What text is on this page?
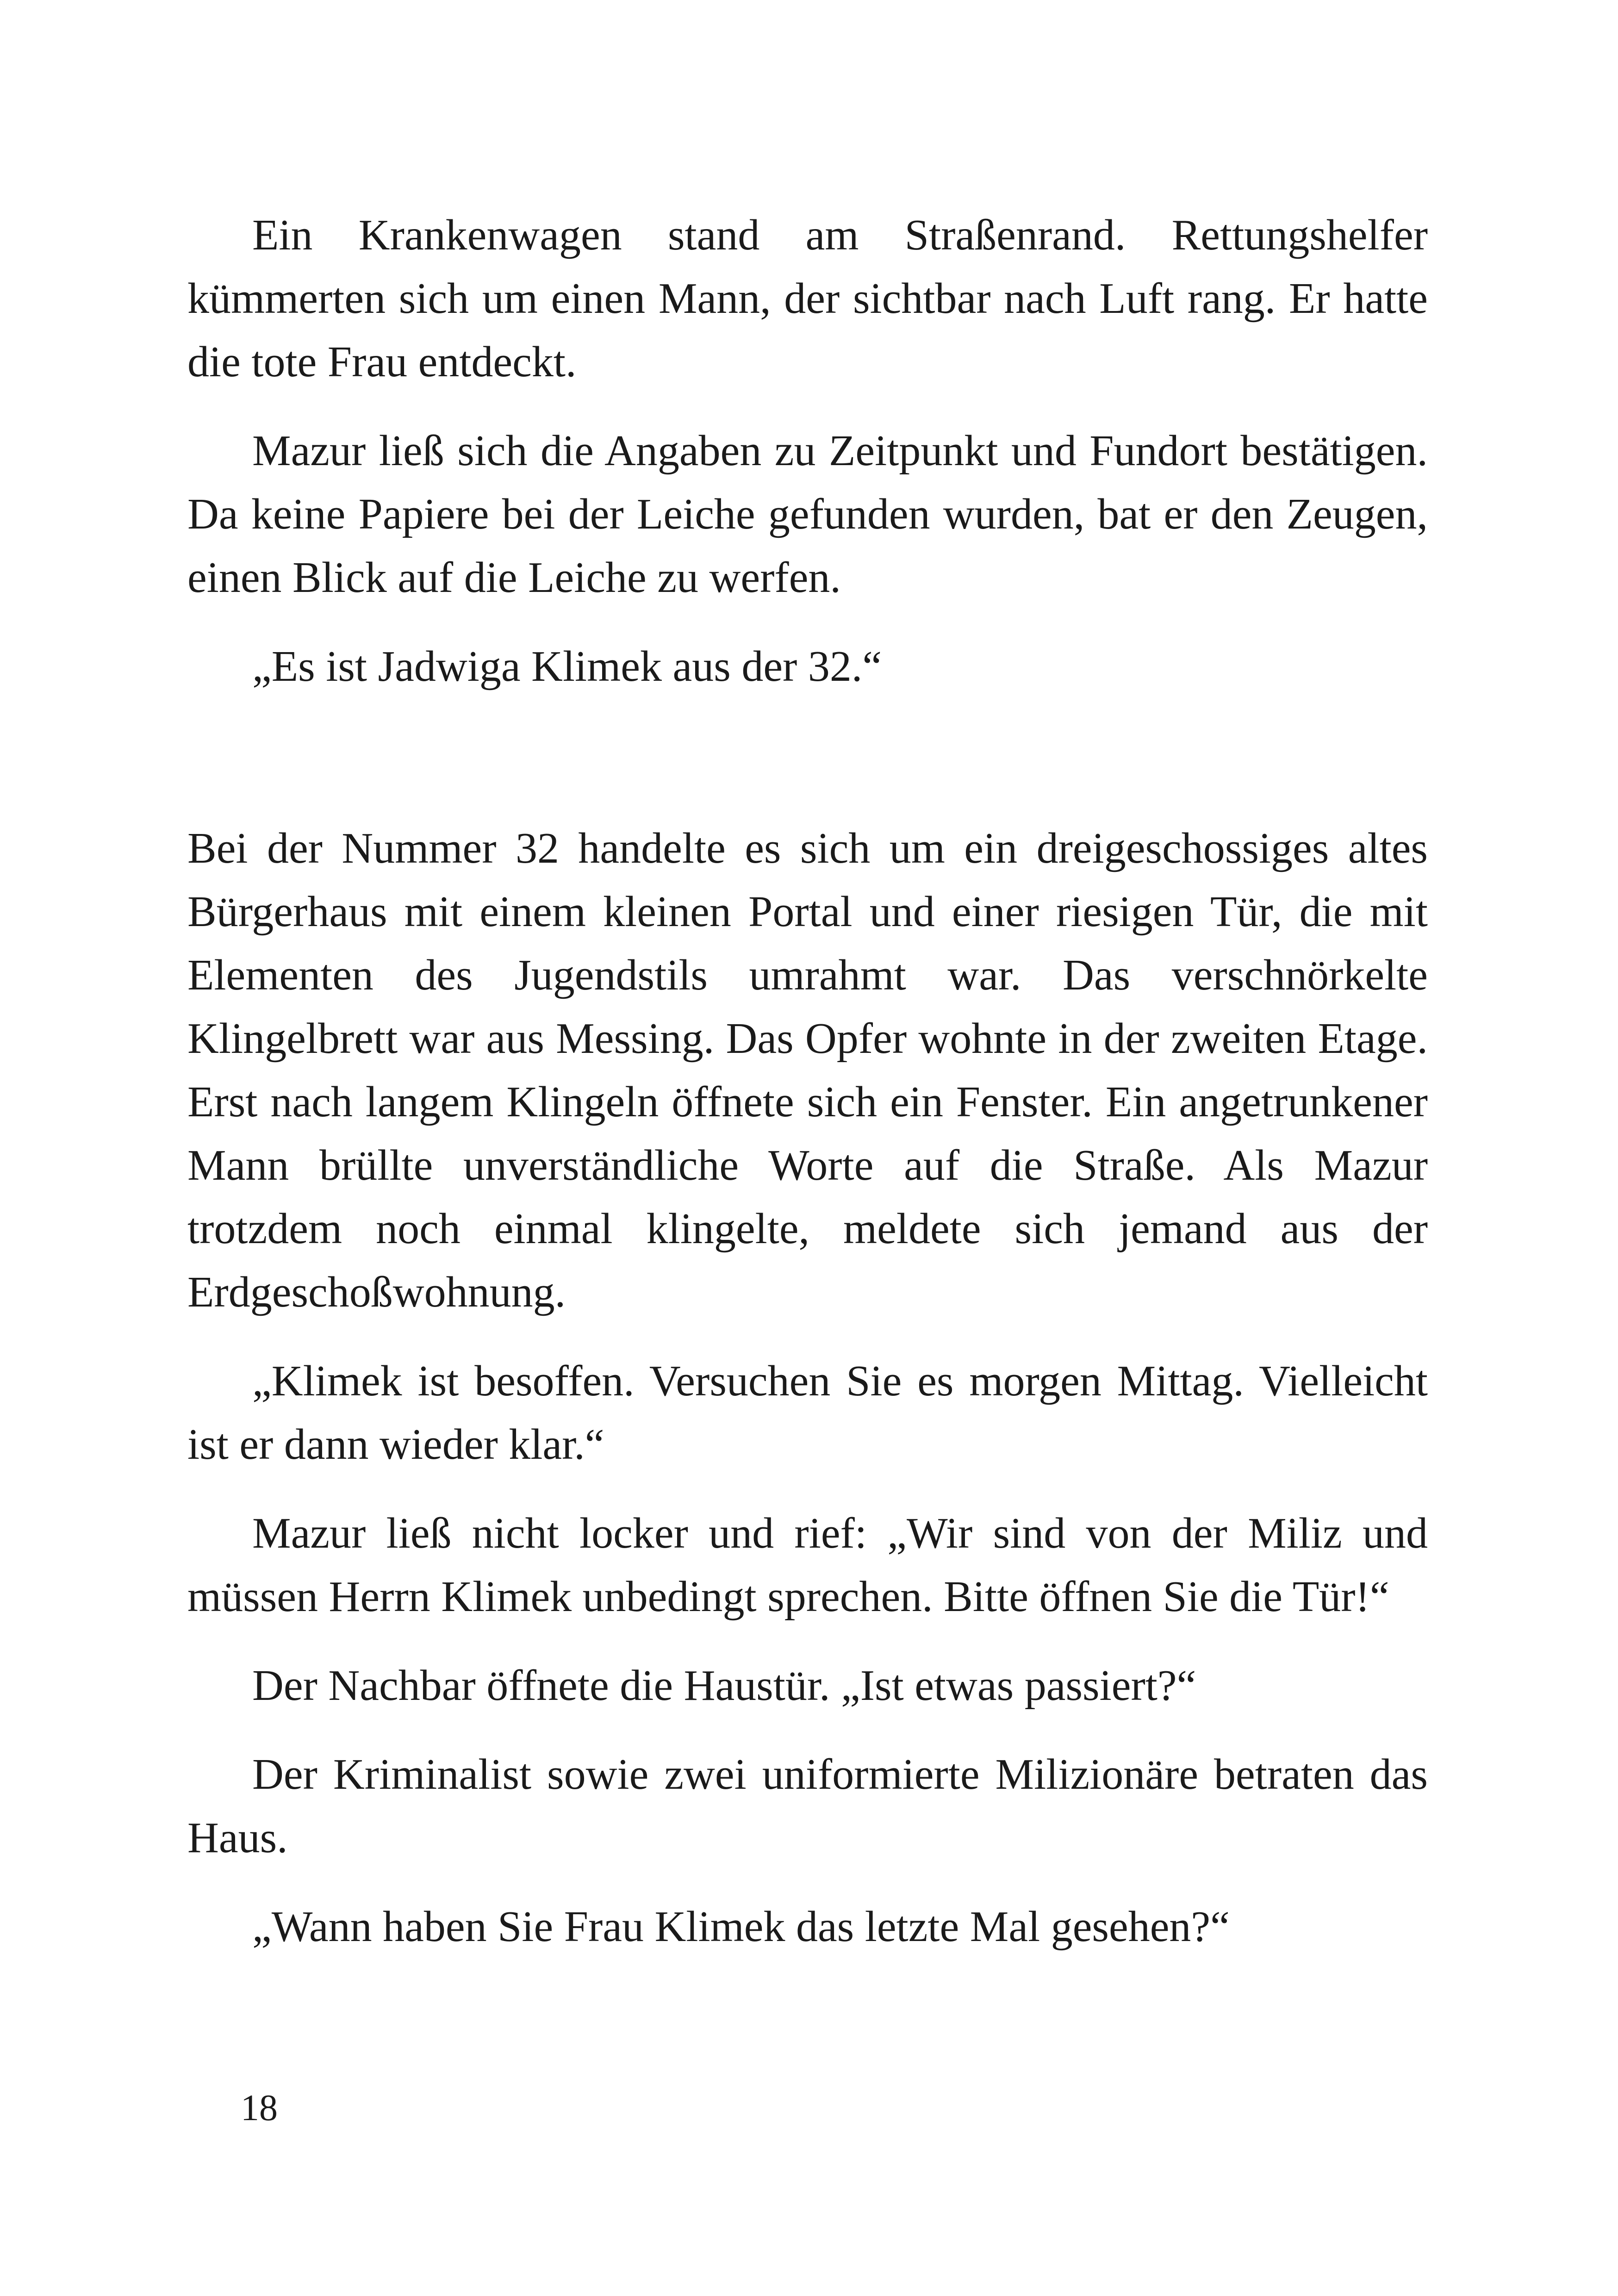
Ein Krankenwagen stand am Straßenrand. Rettungshelfer kümmerten sich um einen Mann, der sichtbar nach Luft rang. Er hatte die tote Frau entdeckt.

Mazur ließ sich die Angaben zu Zeitpunkt und Fundort bestätigen. Da keine Papiere bei der Leiche gefunden wurden, bat er den Zeugen, einen Blick auf die Leiche zu werfen.

„Es ist Jadwiga Klimek aus der 32.“

Bei der Nummer 32 handelte es sich um ein dreigeschossiges altes Bürgerhaus mit einem kleinen Portal und einer riesigen Tür, die mit Elementen des Jugendstils umrahmt war. Das verschnörkelte Klingelbrett war aus Messing. Das Opfer wohnte in der zweiten Etage. Erst nach langem Klingeln öffnete sich ein Fenster. Ein angetrunkener Mann brüllte unverständliche Worte auf die Straße. Als Mazur trotzdem noch einmal klingelte, meldete sich jemand aus der Erdgeschoßwohnung.

„Klimek ist besoffen. Versuchen Sie es morgen Mittag. Vielleicht ist er dann wieder klar.“

Mazur ließ nicht locker und rief: „Wir sind von der Miliz und müssen Herrn Klimek unbedingt sprechen. Bitte öffnen Sie die Tür!“

Der Nachbar öffnete die Haustür. „Ist etwas passiert?“

Der Kriminalist sowie zwei uniformierte Milizionäre betraten das Haus.

„Wann haben Sie Frau Klimek das letzte Mal gesehen?“

18
